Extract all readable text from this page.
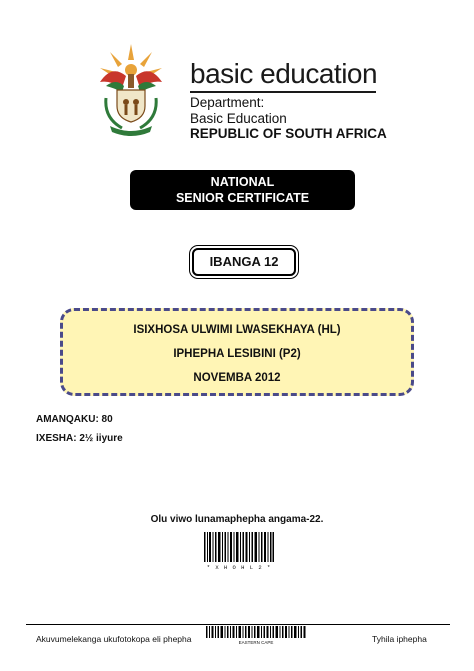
basic education
Department:
Basic Education
REPUBLIC OF SOUTH AFRICA
NATIONAL
SENIOR CERTIFICATE
IBANGA 12
ISIXHOSA ULWIMI LWASEKHAYA (HL)
IPHEPHA LESIBINI (P2)
NOVEMBA 2012
AMANQAKU: 80
IXESHA: 2½ iiyure
Olu viwo lunamaphepha angama-22.
* X H O H L 2 *
Akuvumelekanga ukufotokopa eli phepha	EASTERN CAPE	Tyhila iphepha
